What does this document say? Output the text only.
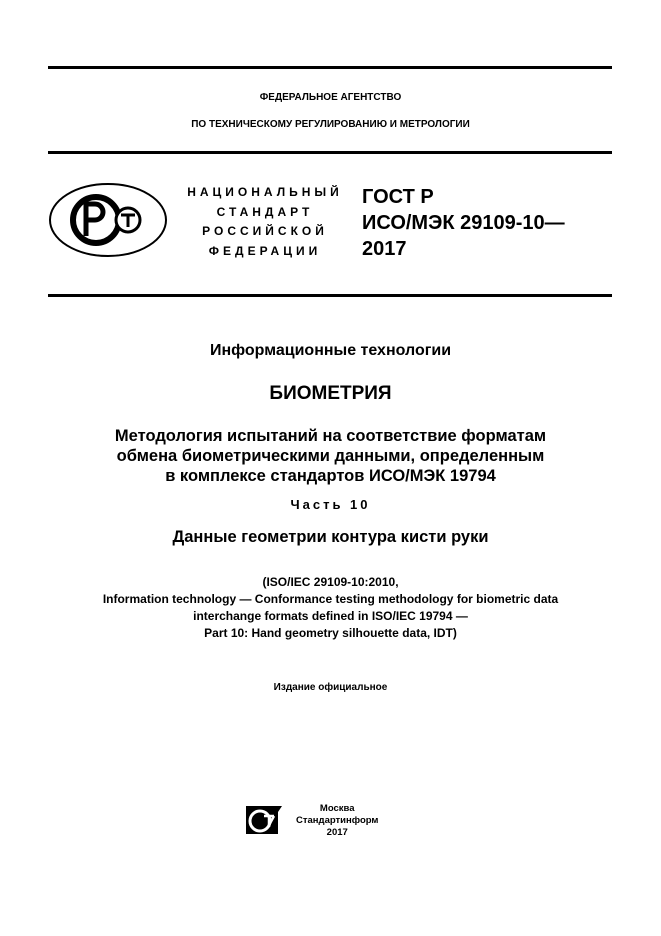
ФЕДЕРАЛЬНОЕ АГЕНТСТВО
ПО ТЕХНИЧЕСКОМУ РЕГУЛИРОВАНИЮ И МЕТРОЛОГИИ
НАЦИОНАЛЬНЫЙ
СТАНДАРТ
РОССИЙСКОЙ
ФЕДЕРАЦИИ
ГОСТ Р
ИСО/МЭК 29109-10—
2017
Информационные технологии
БИОМЕТРИЯ
Методология испытаний на соответствие форматам
обмена биометрическими данными, определенным
в комплексе стандартов ИСО/МЭК 19794
Часть 10
Данные геометрии контура кисти руки
(ISO/IEC 29109-10:2010,
Information technology — Conformance testing methodology for biometric data
interchange formats defined in ISO/IEC 19794 —
Part 10: Hand geometry silhouette data, IDT)
Издание официальное
Москва
Стандартинформ
2017
